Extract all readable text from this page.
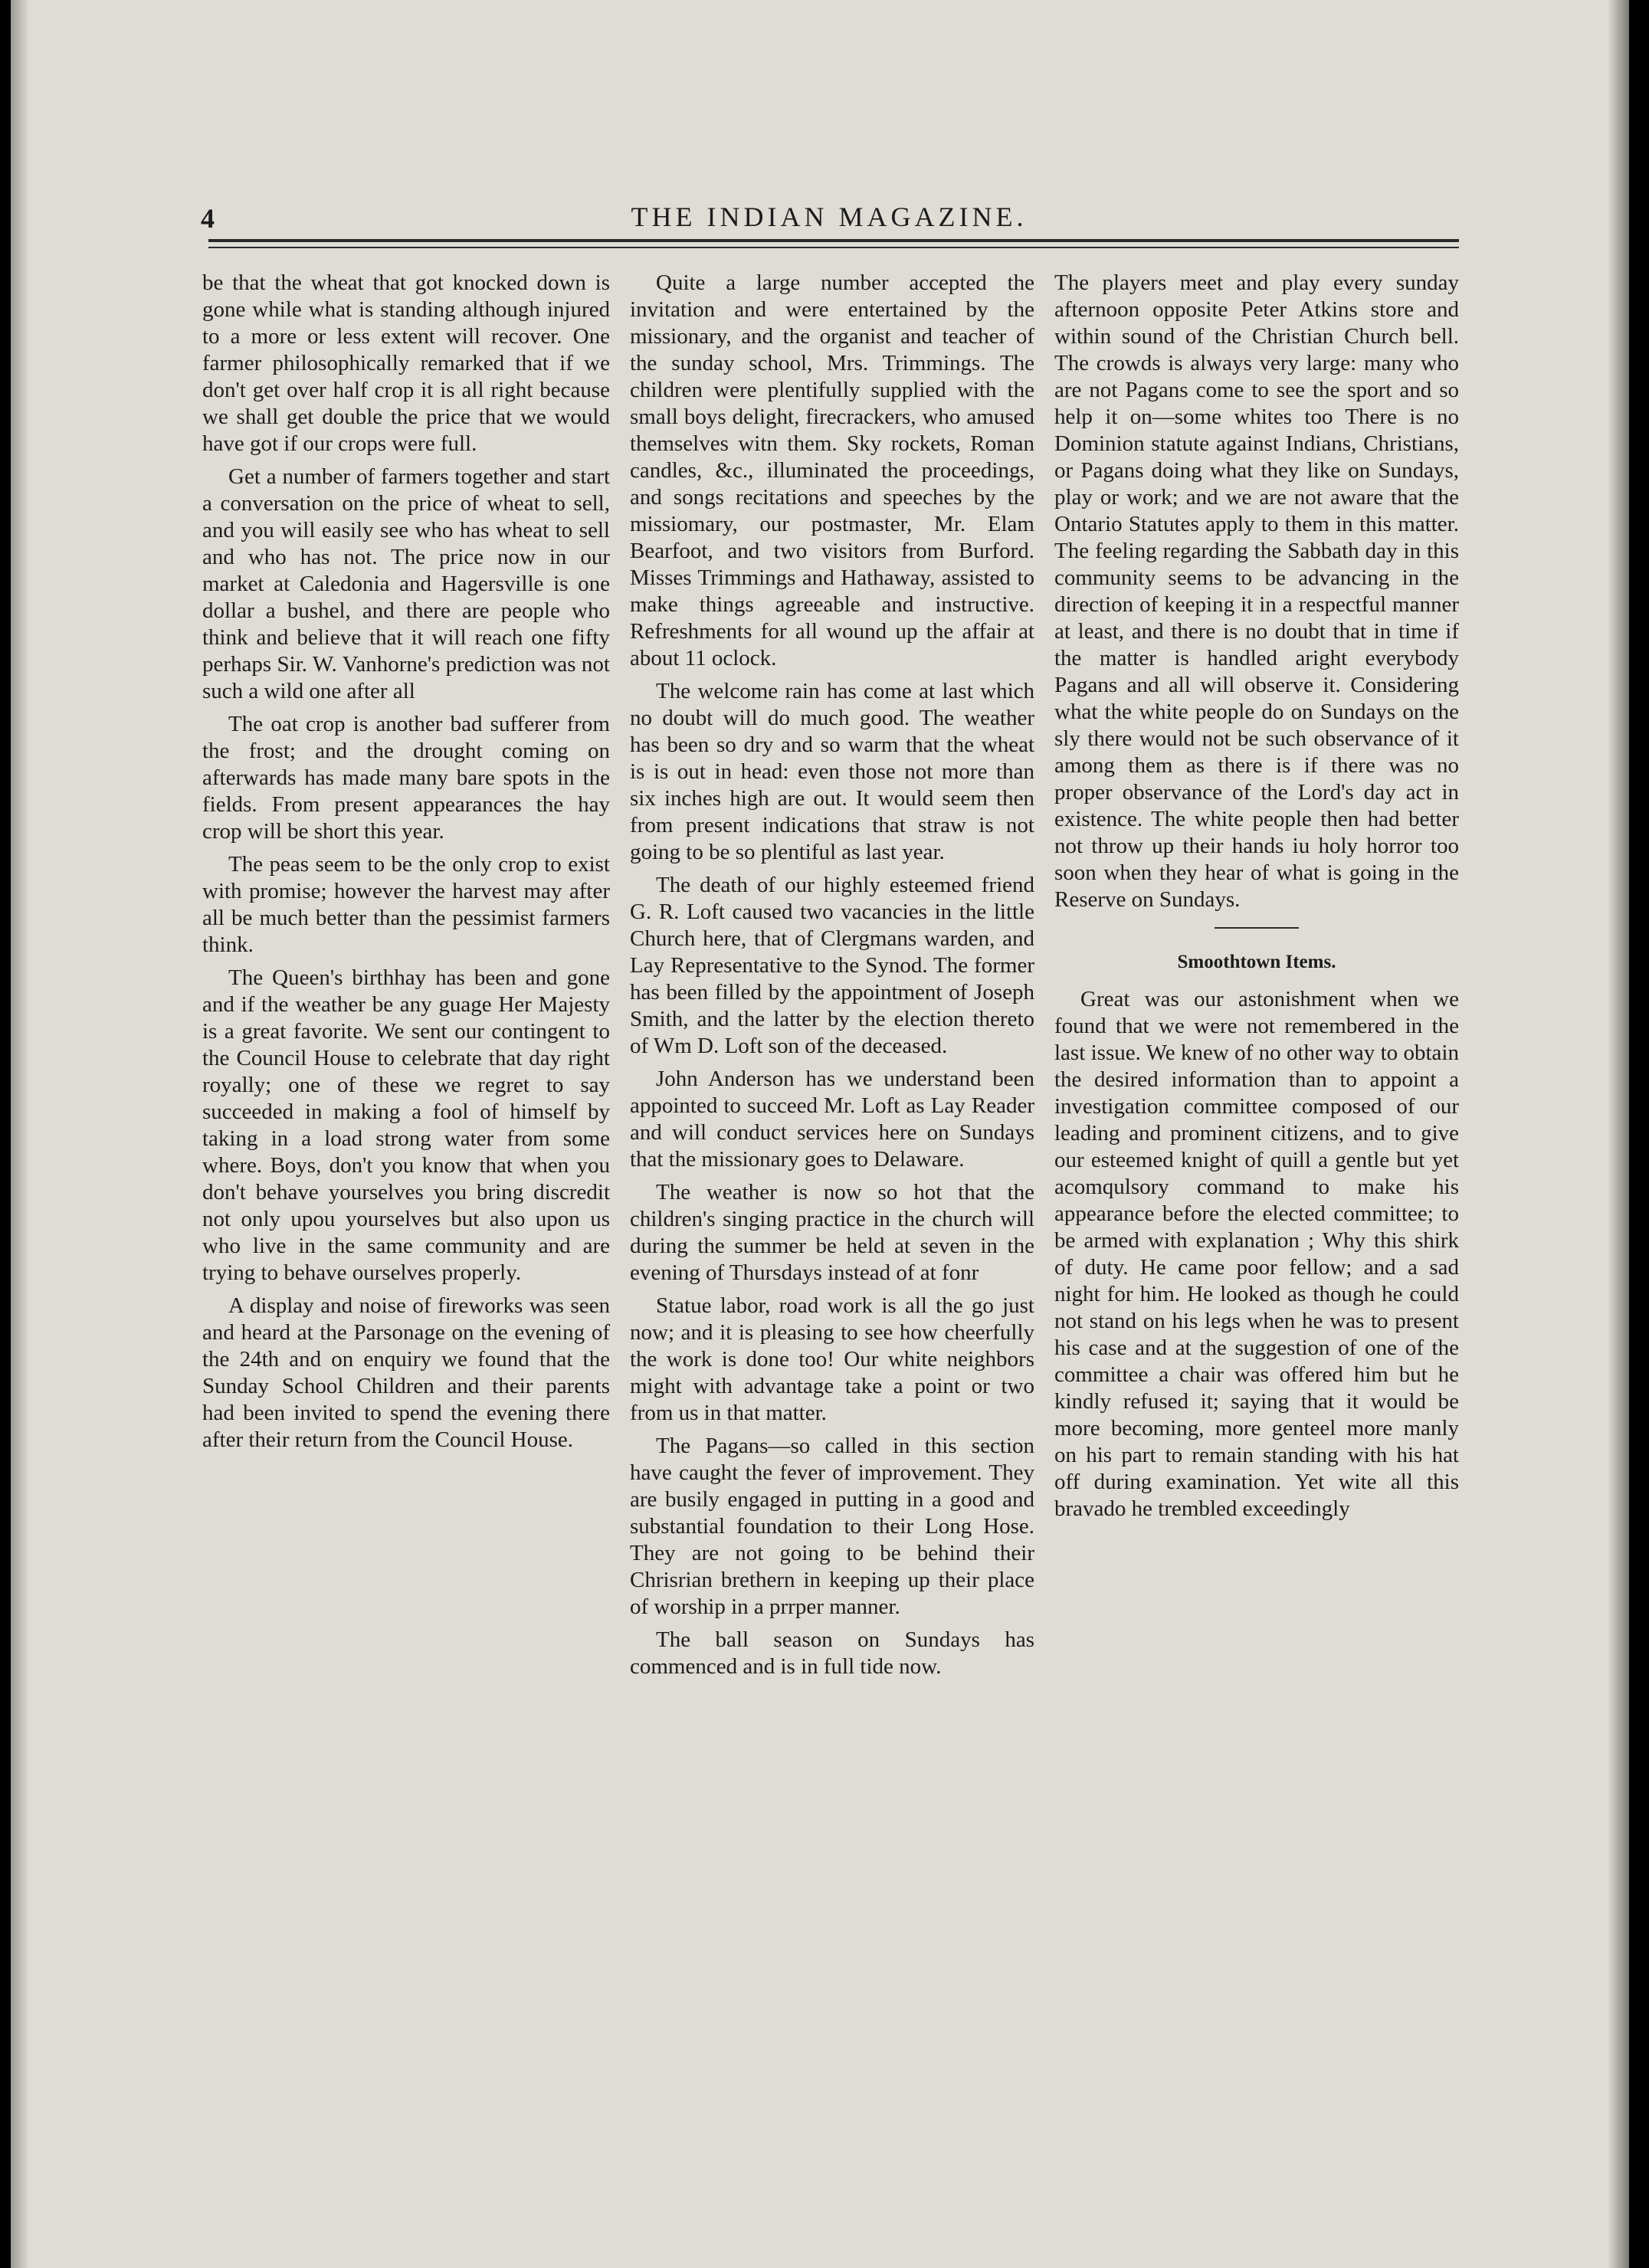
4	THE INDIAN MAGAZINE.

be that the wheat that got knocked down is gone while what is standing although injured to a more or less extent will recover. One farmer philosophically remarked that if we don't get over half crop it is all right because we shall get double the price that we would have got if our crops were full.

Get a number of farmers together and start a conversation on the price of wheat to sell, and you will easily see who has wheat to sell and who has not. The price now in our market at Caledonia and Hagersville is one dollar a bushel, and there are people who think and believe that it will reach one fifty perhaps Sir. W. Vanhorne's prediction was not such a wild one after all

The oat crop is another bad sufferer from the frost; and the drought coming on afterwards has made many bare spots in the fields. From present appearances the hay crop will be short this year.

The peas seem to be the only crop to exist with promise; however the harvest may after all be much better than the pessimist farmers think.

The Queen's birthhay has been and gone and if the weather be any guage Her Majesty is a great favorite. We sent our contingent to the Council House to celebrate that day right royally; one of these we regret to say succeeded in making a fool of himself by taking in a load strong water from some where. Boys, don't you know that when you don't behave yourselves you bring discredit not only upou yourselves but also upon us who live in the same community and are trying to behave ourselves properly.

A display and noise of fireworks was seen and heard at the Parsonage on the evening of the 24th and on enquiry we found that the Sunday School Children and their parents had been invited to spend the evening there after their return from the Council House.

Quite a large number accepted the invitation and were entertained by the missionary, and the organist and teacher of the sunday school, Mrs. Trimmings. The children were plentifully supplied with the small boys delight, firecrackers, who amused themselves witn them. Sky rockets, Roman candles, &c., illuminated the proceedings, and songs recitations and speeches by the missiomary, our postmaster, Mr. Elam Bearfoot, and two visitors from Burford. Misses Trimmings and Hathaway, assisted to make things agreeable and instructive. Refreshments for all wound up the affair at about 11 oclock.

The welcome rain has come at last which no doubt will do much good. The weather has been so dry and so warm that the wheat is is out in head: even those not more than six inches high are out. It would seem then from present indications that straw is not going to be so plentiful as last year.

The death of our highly esteemed friend G. R. Loft caused two vacancies in the little Church here, that of Clergmans warden, and Lay Representative to the Synod. The former has been filled by the appointment of Joseph Smith, and the latter by the election thereto of Wm D. Loft son of the deceased.

John Anderson has we understand been appointed to succeed Mr. Loft as Lay Reader and will conduct services here on Sundays that the missionary goes to Delaware.

The weather is now so hot that the children's singing practice in the church will during the summer be held at seven in the evening of Thursdays instead of at fonr

Statue labor, road work is all the go just now; and it is pleasing to see how cheerfully the work is done too! Our white neighbors might with advantage take a point or two from us in that matter.

The Pagans—so called in this section have caught the fever of improvement. They are busily engaged in putting in a good and substantial foundation to their Long Hose. They are not going to be behind their Chrisrian brethern in keeping up their place of worship in a prrper manner.

The ball season on Sundays has commenced and is in full tide now.

The players meet and play every sunday afternoon opposite Peter Atkins store and within sound of the Christian Church bell. The crowds is always very large: many who are not Pagans come to see the sport and so help it on—some whites too There is no Dominion statute against Indians, Christians, or Pagans doing what they like on Sundays, play or work; and we are not aware that the Ontario Statutes apply to them in this matter. The feeling regarding the Sabbath day in this community seems to be advancing in the direction of keeping it in a respectful manner at least, and there is no doubt that in time if the matter is handled aright everybody Pagans and all will observe it. Considering what the white people do on Sundays on the sly there would not be such observance of it among them as there is if there was no proper observance of the Lord's day act in existence. The white people then had better not throw up their hands iu holy horror too soon when they hear of what is going in the Reserve on Sundays.

Smoothtown Items.

Great was our astonishment when we found that we were not remembered in the last issue. We knew of no other way to obtain the desired information than to appoint a investigation committee composed of our leading and prominent citizens, and to give our esteemed knight of quill a gentle but yet acomqulsory command to make his appearance before the elected committee; to be armed with explanation ; Why this shirk of duty. He came poor fellow; and a sad night for him. He looked as though he could not stand on his legs when he was to present his case and at the suggestion of one of the committee a chair was offered him but he kindly refused it; saying that it would be more becoming, more genteel more manly on his part to remain standing with his hat off during examination. Yet wite all this bravado he trembled exceedingly
